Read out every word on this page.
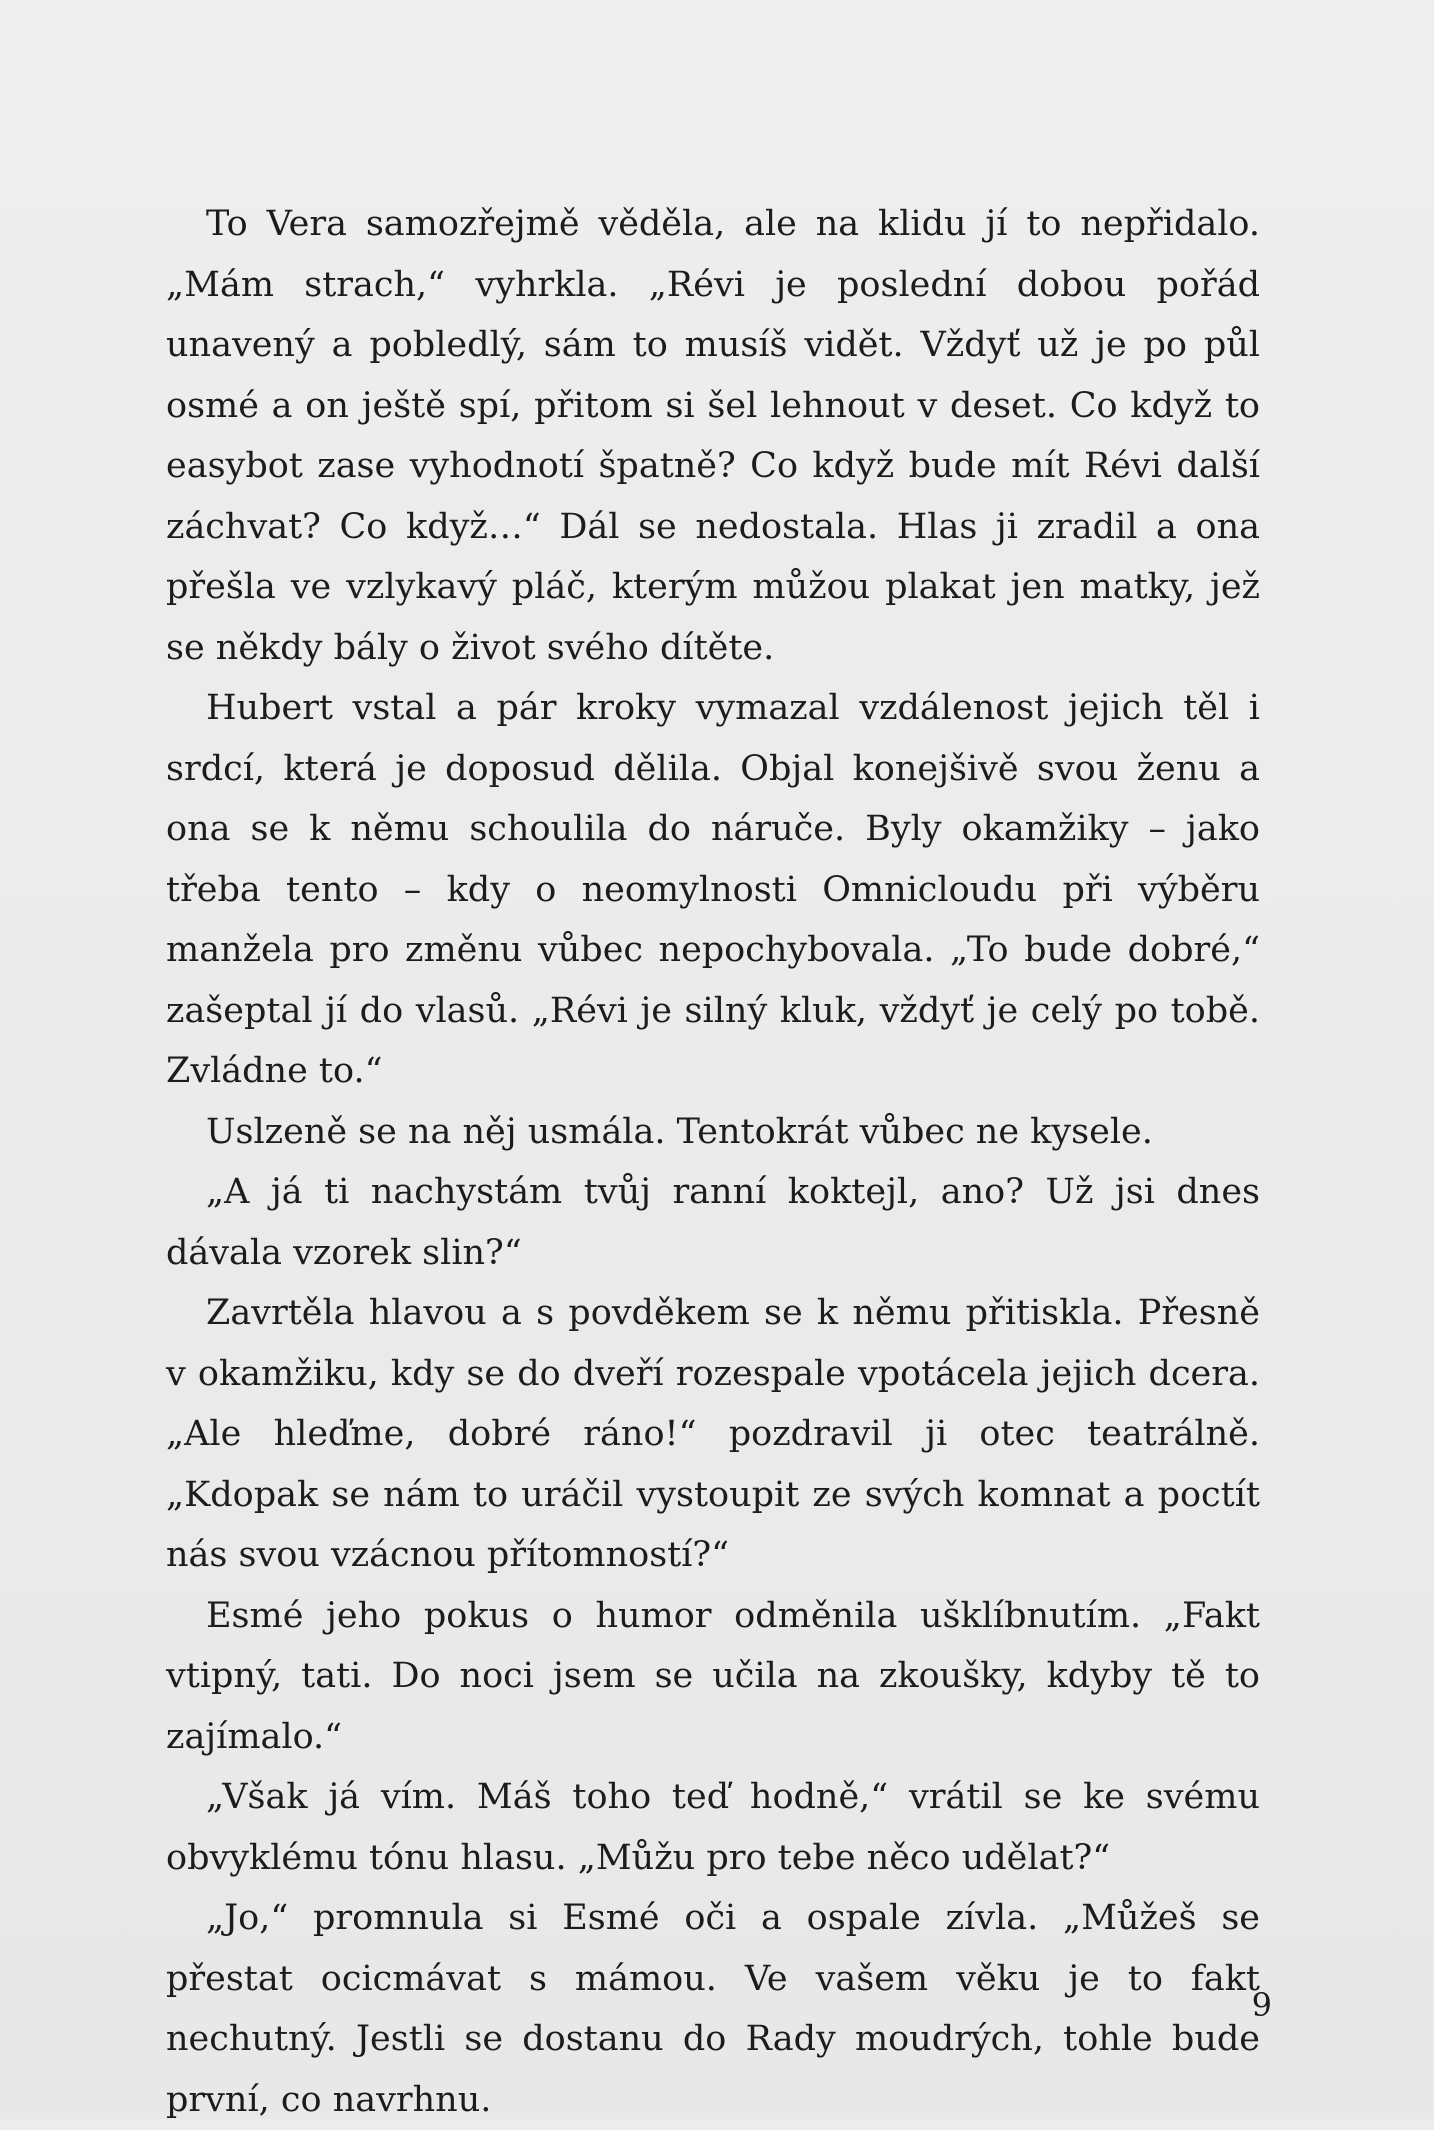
To Vera samozřejmě věděla, ale na klidu jí to nepřidalo. „Mám strach,“ vyhrkla. „Révi je poslední dobou pořád unavený a pobledlý, sám to musíš vidět. Vždyť už je po půl osmé a on ještě spí, přitom si šel lehnout v deset. Co když to easybot zase vyhodnotí špatně? Co když bude mít Révi další záchvat? Co když…“ Dál se nedostala. Hlas ji zradil a ona přešla ve vzlykavý pláč, kterým můžou plakat jen matky, jež se někdy bály o život svého dítěte.

Hubert vstal a pár kroky vymazal vzdálenost jejich těl i srdcí, která je doposud dělila. Objal konejšivě svou ženu a ona se k němu schoulila do náruče. Byly okamžiky – jako třeba tento – kdy o neomylnosti Omnicloudu při výběru manžela pro změnu vůbec nepochybovala. „To bude dobré,“ zašeptal jí do vlasů. „Révi je silný kluk, vždyť je celý po tobě. Zvládne to.“

Uslzeně se na něj usmála. Tentokrát vůbec ne kysele.

„A já ti nachystám tvůj ranní koktejl, ano? Už jsi dnes dávala vzorek slin?“

Zavrtěla hlavou a s povděkem se k němu přitiskla. Přesně v okamžiku, kdy se do dveří rozespale vpotácela jejich dcera. „Ale hleďme, dobré ráno!“ pozdravil ji otec teatrálně. „Kdopak se nám to uráčil vystoupit ze svých komnat a poctít nás svou vzácnou přítomností?“

Esmé jeho pokus o humor odměnila ušklíbnutím. „Fakt vtipný, tati. Do noci jsem se učila na zkoušky, kdyby tě to zajímalo.“

„Však já vím. Máš toho teď hodně,“ vrátil se ke svému obvyklému tónu hlasu. „Můžu pro tebe něco udělat?“

„Jo,“ promnula si Esmé oči a ospale zívla. „Můžeš se přestat ocicmávat s mámou. Ve vašem věku je to fakt nechutný. Jestli se dostanu do Rady moudrých, tohle bude první, co navrhnu.

9
